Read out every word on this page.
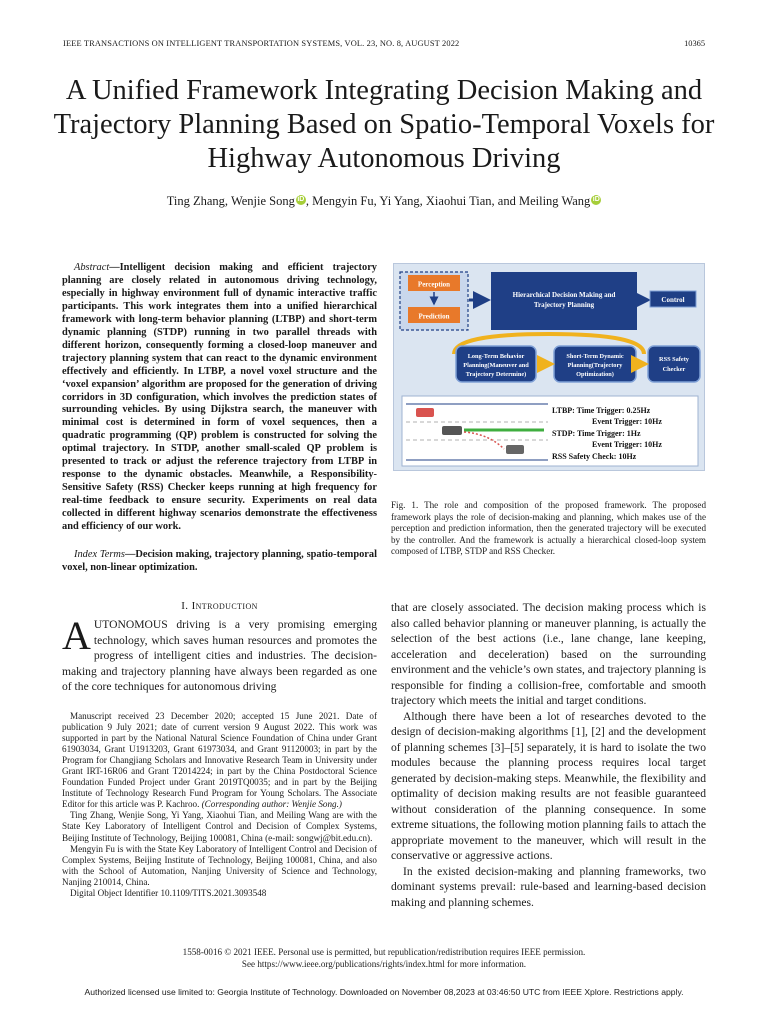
IEEE TRANSACTIONS ON INTELLIGENT TRANSPORTATION SYSTEMS, VOL. 23, NO. 8, AUGUST 2022	10365
A Unified Framework Integrating Decision Making and Trajectory Planning Based on Spatio-Temporal Voxels for Highway Autonomous Driving
Ting Zhang, Wenjie Song iD , Mengyin Fu, Yi Yang, Xiaohui Tian, and Meiling Wang iD
Abstract—Intelligent decision making and efficient trajectory planning are closely related in autonomous driving technology, especially in highway environment full of dynamic interactive traffic participants. This work integrates them into a unified hierarchical framework with long-term behavior planning (LTBP) and short-term dynamic planning (STDP) running in two parallel threads with different horizon, consequently forming a closed-loop maneuver and trajectory planning system that can react to the dynamic environment effectively and efficiently. In LTBP, a novel voxel structure and the ‘voxel expansion’ algorithm are proposed for the generation of driving corridors in 3D configuration, which involves the prediction states of surrounding vehicles. By using Dijkstra search, the maneuver with minimal cost is determined in form of voxel sequences, then a quadratic programming (QP) problem is constructed for solving the optimal trajectory. In STDP, another small-scaled QP problem is presented to track or adjust the reference trajectory from LTBP in response to the dynamic obstacles. Meanwhile, a Responsibility-Sensitive Safety (RSS) Checker keeps running at high frequency for real-time feedback to ensure security. Experiments on real data collected in different highway scenarios demonstrate the effectiveness and efficiency of our work.
Index Terms—Decision making, trajectory planning, spatio-temporal voxel, non-linear optimization.
I. Introduction
AUTONOMOUS driving is a very promising emerging technology, which saves human resources and promotes the progress of intelligent cities and industries. The decision-making and trajectory planning have always been regarded as one of the core techniques for autonomous driving

Manuscript received 23 December 2020; accepted 15 June 2021. Date of publication 9 July 2021; date of current version 9 August 2022. This work was supported in part by the National Natural Science Foundation of China under Grant 61903034, Grant U1913203, Grant 61973034, and Grant 91120003; in part by the Program for Changjiang Scholars and Innovative Research Team in University under Grant IRT-16R06 and Grant T2014224; in part by the China Postdoctoral Science Foundation Funded Project under Grant 2019TQ0035; and in part by the Beijing Institute of Technology Research Fund Program for Young Scholars. The Associate Editor for this article was P. Kachroo. (Corresponding author: Wenjie Song.)

Ting Zhang, Wenjie Song, Yi Yang, Xiaohui Tian, and Meiling Wang are with the State Key Laboratory of Intelligent Control and Decision of Complex Systems, Beijing Institute of Technology, Beijing 100081, China (e-mail: songwj@bit.edu.cn).

Mengyin Fu is with the State Key Laboratory of Intelligent Control and Decision of Complex Systems, Beijing Institute of Technology, Beijing 100081, China, and also with the School of Automation, Nanjing University of Science and Technology, Nanjing 210014, China.

Digital Object Identifier 10.1109/TITS.2021.3093548

Perception
Prediction
Hierarchical Decision Making and
Trajectory Planning
Control
Long-Term Behavior
Planning(Maneuver and
Trajectory Determine)
Short-Term Dynamic
Planning(Trajectory
Optimization)
RSS Safety
Checker
LTBP: Time Trigger: 0.25Hz
Event Trigger: 10Hz
STDP: Time Trigger: 1Hz
Event Trigger: 10Hz
RSS Safety Check: 10Hz
Fig. 1. The role and composition of the proposed framework. The proposed framework plays the role of decision-making and planning, which makes use of the perception and prediction information, then the generated trajectory will be executed by the controller. And the framework is actually a hierarchical closed-loop system composed of LTBP, STDP and RSS Checker.

that are closely associated. The decision making process which is also called behavior planning or maneuver planning, is actually the selection of the best actions (i.e., lane change, lane keeping, acceleration and deceleration) based on the surrounding environment and the vehicle’s own states, and trajectory planning is responsible for finding a collision-free, comfortable and smooth trajectory which meets the initial and target conditions.

Although there have been a lot of researches devoted to the design of decision-making algorithms [1], [2] and the development of planning schemes [3]–[5] separately, it is hard to isolate the two modules because the planning process requires local target generated by decision-making steps. Meanwhile, the flexibility and optimality of decision making results are not feasible guaranteed without consideration of the planning consequence. In some extreme situations, the following motion planning fails to attach the appropriate movement to the maneuver, which will result in the conservative or aggressive actions.

In the existed decision-making and planning frameworks, two dominant systems prevail: rule-based and learning-based decision making and planning schemes.

1558-0016 © 2021 IEEE. Personal use is permitted, but republication/redistribution requires IEEE permission.
See https://www.ieee.org/publications/rights/index.html for more information.
Authorized licensed use limited to: Georgia Institute of Technology. Downloaded on November 08,2023 at 03:46:50 UTC from IEEE Xplore. Restrictions apply.
